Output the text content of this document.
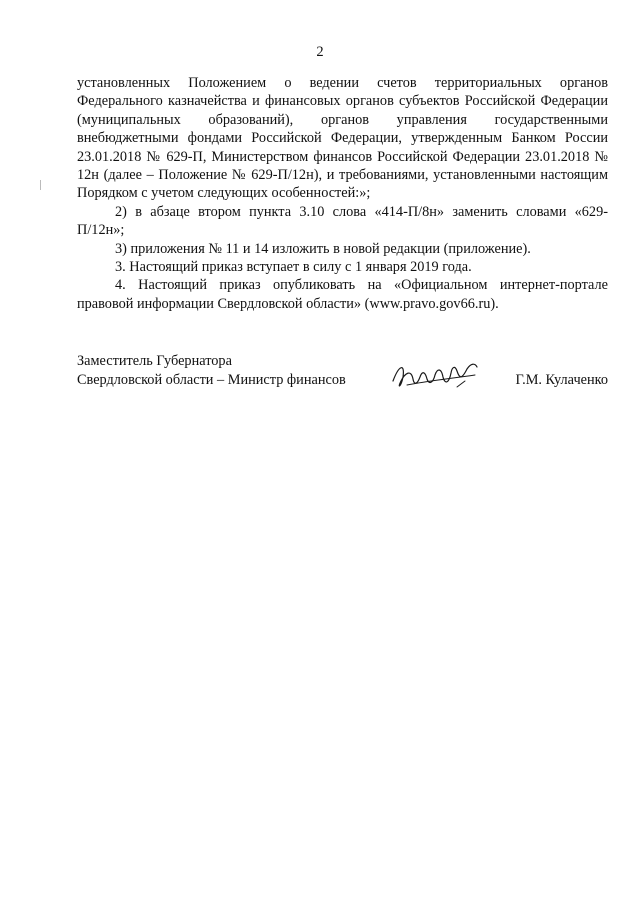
2

установленных Положением о ведении счетов территориальных органов Федерального казначейства и финансовых органов субъектов Российской Федерации (муниципальных образований), органов управления государственными внебюджетными фондами Российской Федерации, утвержденным Банком России 23.01.2018 № 629-П, Министерством финансов Российской Федерации 23.01.2018 № 12н (далее – Положение № 629-П/12н), и требованиями, установленными настоящим Порядком с учетом следующих особенностей:»;

2) в абзаце втором пункта 3.10 слова «414-П/8н» заменить словами «629-П/12н»;

3) приложения № 11 и 14 изложить в новой редакции (приложение).

3. Настоящий приказ вступает в силу с 1 января 2019 года.

4. Настоящий приказ опубликовать на «Официальном интернет-портале правовой информации Свердловской области» (www.pravo.gov66.ru).

Заместитель Губернатора
Свердловской области – Министр финансов	Г.М. Кулаченко
